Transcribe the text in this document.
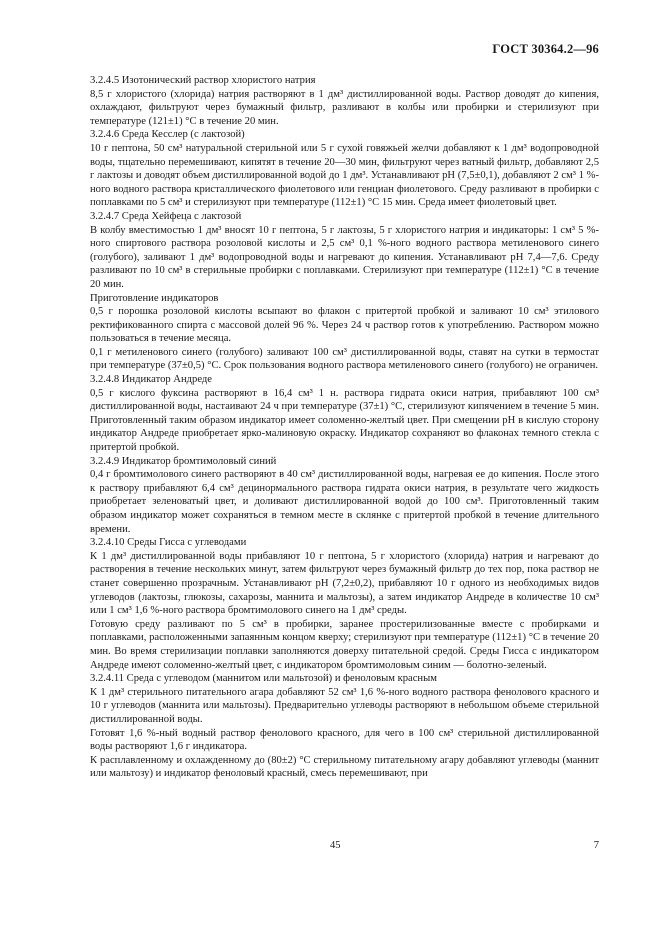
ГОСТ 30364.2—96

3.2.4.5 Изотонический раствор хлористого натрия

8,5 г хлористого (хлорида) натрия растворяют в 1 дм³ дистиллированной воды. Раствор доводят до кипения, охлаждают, фильтруют через бумажный фильтр, разливают в колбы или пробирки и стерилизуют при температуре (121±1) °С в течение 20 мин.

3.2.4.6 Среда Кесслер (с лактозой)

10 г пептона, 50 см³ натуральной стерильной или 5 г сухой говяжьей желчи добавляют к 1 дм³ водопроводной воды, тщательно перемешивают, кипятят в течение 20—30 мин, фильтруют через ватный фильтр, добавляют 2,5 г лактозы и доводят объем дистиллированной водой до 1 дм³. Устанавливают рН (7,5±0,1), добавляют 2 см³ 1 %-ного водного раствора кристаллического фиолетового или генциан фиолетового. Среду разливают в пробирки с поплавками по 5 см³ и стерилизуют при температуре (112±1) °С 15 мин. Среда имеет фиолетовый цвет.

3.2.4.7 Среда Хейфеца с лактозой

В колбу вместимостью 1 дм³ вносят 10 г пептона, 5 г лактозы, 5 г хлористого натрия и индикаторы: 1 см³ 5 %-ного спиртового раствора розоловой кислоты и 2,5 см³ 0,1 %-ного водного раствора метиленового синего (голубого), заливают 1 дм³ водопроводной воды и нагревают до кипения. Устанавливают рН 7,4—7,6. Среду разливают по 10 см³ в стерильные пробирки с поплавками. Стерилизуют при температуре (112±1) °С в течение 20 мин.

Приготовление индикаторов

0,5 г порошка розоловой кислоты всыпают во флакон с притертой пробкой и заливают 10 см³ этилового ректификованного спирта с массовой долей 96 %. Через 24 ч раствор готов к употреблению. Раствором можно пользоваться в течение месяца.

0,1 г метиленового синего (голубого) заливают 100 см³ дистиллированной воды, ставят на сутки в термостат при температуре (37±0,5) °С. Срок пользования водного раствора метиленового синего (голубого) не ограничен.

3.2.4.8 Индикатор Андреде

0,5 г кислого фуксина растворяют в 16,4 см³ 1 н. раствора гидрата окиси натрия, прибавляют 100 см³ дистиллированной воды, настаивают 24 ч при температуре (37±1) °С, стерилизуют кипячением в течение 5 мин. Приготовленный таким образом индикатор имеет соломенно-желтый цвет. При смещении рН в кислую сторону индикатор Андреде приобретает ярко-малиновую окраску. Индикатор сохраняют во флаконах темного стекла с притертой пробкой.

3.2.4.9 Индикатор бромтимоловый синий

0,4 г бромтимолового синего растворяют в 40 см³ дистиллированной воды, нагревая ее до кипения. После этого к раствору прибавляют 6,4 см³ децинормального раствора гидрата окиси натрия, в результате чего жидкость приобретает зеленоватый цвет, и доливают дистиллированной водой до 100 см³. Приготовленный таким образом индикатор может сохраняться в темном месте в склянке с притертой пробкой в течение длительного времени.

3.2.4.10 Среды Гисса с углеводами

К 1 дм³ дистиллированной воды прибавляют 10 г пептона, 5 г хлористого (хлорида) натрия и нагревают до растворения в течение нескольких минут, затем фильтруют через бумажный фильтр до тех пор, пока раствор не станет совершенно прозрачным. Устанавливают рН (7,2±0,2), прибавляют 10 г одного из необходимых видов углеводов (лактозы, глюкозы, сахарозы, маннита и мальтозы), а затем индикатор Андреде в количестве 10 см³ или 1 см³ 1,6 %-ного раствора бромтимолового синего на 1 дм³ среды.

Готовую среду разливают по 5 см³ в пробирки, заранее простерилизованные вместе с пробирками и поплавками, расположенными запаянным концом кверху; стерилизуют при температуре (112±1) °С в течение 20 мин. Во время стерилизации поплавки заполняются доверху питательной средой. Среды Гисса с индикатором Андреде имеют соломенно-желтый цвет, с индикатором бромтимоловым синим — болотно-зеленый.

3.2.4.11 Среда с углеводом (маннитом или мальтозой) и феноловым красным

К 1 дм³ стерильного питательного агара добавляют 52 см³ 1,6 %-ного водного раствора фенолового красного и 10 г углеводов (маннита или мальтозы). Предварительно углеводы растворяют в небольшом объеме стерильной дистиллированной воды.

Готовят 1,6 %-ный водный раствор фенолового красного, для чего в 100 см³ стерильной дистиллированной воды растворяют 1,6 г индикатора.

К расплавленному и охлажденному до (80±2) °С стерильному питательному агару добавляют углеводы (маннит или мальтозу) и индикатор феноловый красный, смесь перемешивают, при

45	7
